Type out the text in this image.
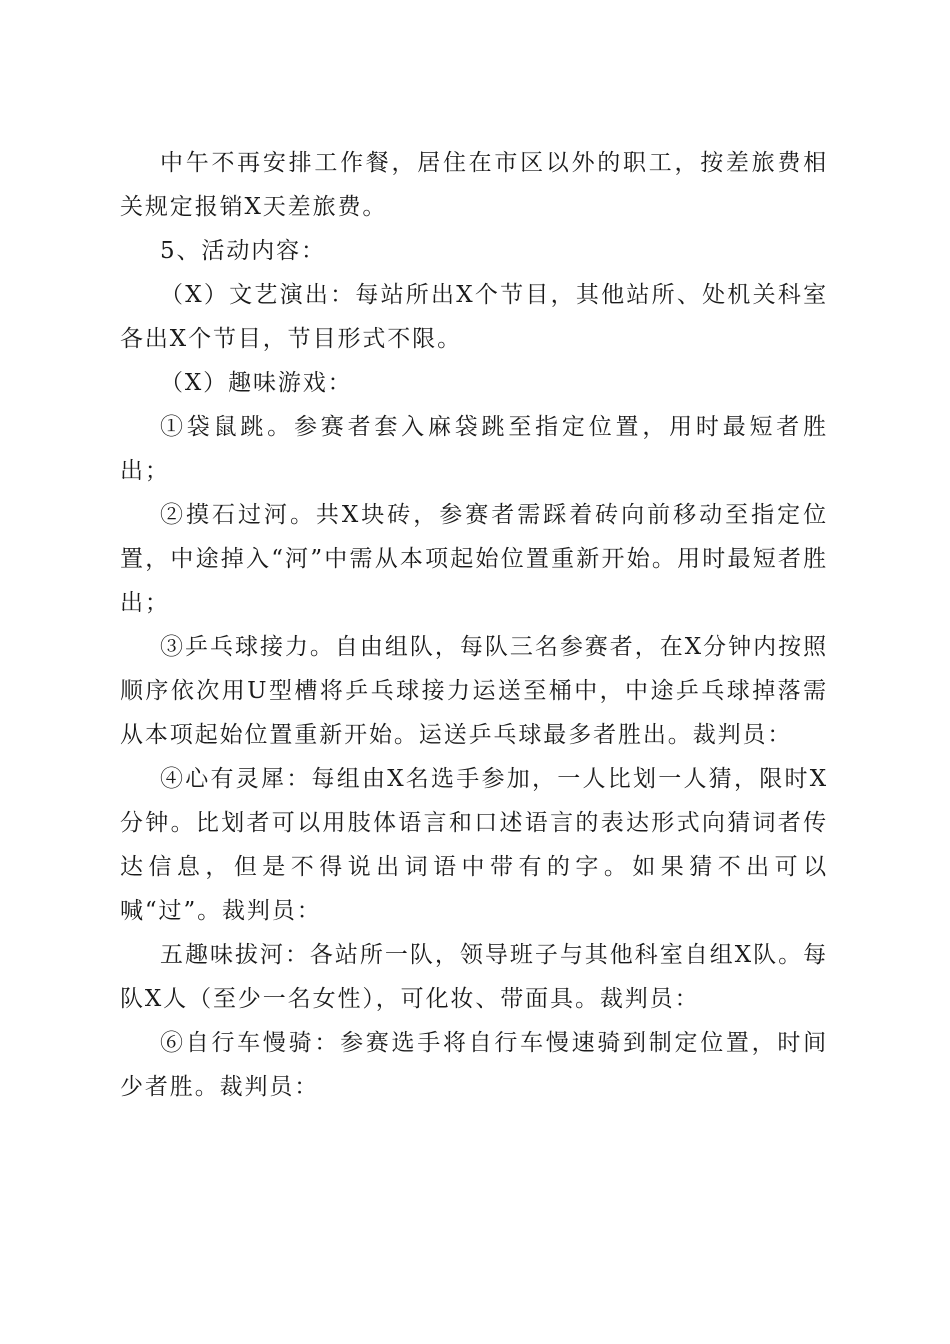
中午不再安排工作餐，居住在市区以外的职工，按差旅费相关规定报销X天差旅费。

5、活动内容：

（X）文艺演出：每站所出X个节目，其他站所、处机关科室各出X个节目，节目形式不限。

（X）趣味游戏：

①袋鼠跳。参赛者套入麻袋跳至指定位置，用时最短者胜出；

②摸石过河。共X块砖，参赛者需踩着砖向前移动至指定位置，中途掉入“河”中需从本项起始位置重新开始。用时最短者胜出；

③乒乓球接力。自由组队，每队三名参赛者，在X分钟内按照顺序依次用U型槽将乒乓球接力运送至桶中，中途乒乓球掉落需从本项起始位置重新开始。运送乒乓球最多者胜出。裁判员：

④心有灵犀：每组由X名选手参加，一人比划一人猜，限时X分钟。比划者可以用肢体语言和口述语言的表达形式向猜词者传达信息，但是不得说出词语中带有的字。如果猜不出可以喊“过”。裁判员：

五趣味拔河：各站所一队，领导班子与其他科室自组X队。每队X人（至少一名女性），可化妆、带面具。裁判员：

⑥自行车慢骑：参赛选手将自行车慢速骑到制定位置，时间少者胜。裁判员：
